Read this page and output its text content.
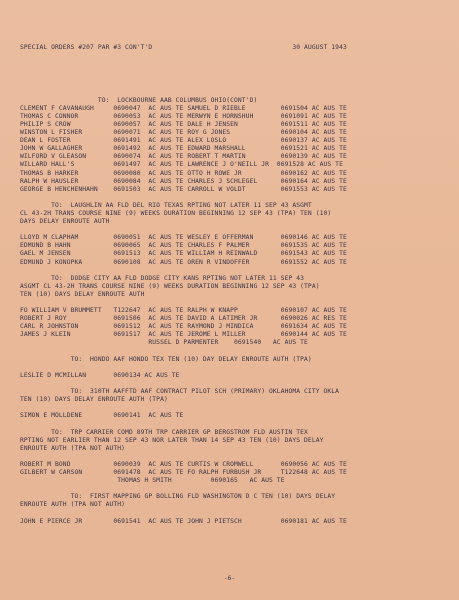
SPECIAL ORDERS #207 PAR #3 CON'T'D	30 AUGUST 1943

TO:  LOCKBOURNE AAB COLUMBUS OHIO(CONT'D)
CLEMENT F CAVANAUGH     0690047  AC AUS TE SAMUEL D RIEBLE         0691504 AC AUS TE
THOMAS C CONNOR         0690053  AC AUS TE MERWYN E HORNSHUH       0691091 AC AUS TE
PHILIP S CROW           0690057  AC AUS TE DALE H JENSEN           0691511 AC AUS TE
WINSTON L FISHER        0690071  AC AUS TE ROY G JONES             0690104 AC AUS TE
DEAN L FOSTER           0691491  AC AUS TE ALEX LOSLO              0690137 AC AUS TE
JOHN W GALLAGHER        0691492  AC AUS TE EDWARD MARSHALL         0691521 AC AUS TE
WILFORD V GLEASON       0690074  AC AUS TE ROBERT T MARTIN         0690139 AC AUS TE
WILLARD HALL'S          0691497  AC AUS TE LAWRENCE J O'NEILL JR  0691528 AC AUS TE
THOMAS B HARKER         0690080  AC AUS TE OTTO H ROWE JR          0690162 AC AUS TE
RALPH W HAUSLER         0690084  AC AUS TE CHARLES J SCHLEGEL      0690164 AC AUS TE
GEORGE B HENCHENHAHN    0691503  AC AUS TE CARROLL W VOLDT         0691553 AC AUS TE
TO:  LAUGHLIN AA FLD DEL RIO TEXAS RPTING NOT LATER 11 SEP 43 ASGMT
CL 43-2H TRANS COURSE NINE (9) WEEKS DURATION BEGINNING 12 SEP 43 (TPA) TEN (10)
DAYS DELAY ENROUTE AUTH
LLOYD M CLAPHAM         0690051  AC AUS TE WESLEY E OFFERMAN       0690146 AC AUS TE
EDMUND B HAHN           0690065  AC AUS TE CHARLES F PALMER        0691535 AC AUS TE
GAEL M JENSEN           0691513  AC AUS TE WILLIAM H REINWALD      0691543 AC AUS TE
EDMUND J KONOPKA        0690108  AC AUS TE OREN R VINDOFFER        0691552 AC AUS TE
TO:  DODGE CITY AA FLD DODGE CITY KANS RPTING NOT LATER 11 SEP 43
ASGMT CL 43-2H TRANS COURSE NINE (9) WEEKS DURATION BEGINNING 12 SEP 43 (TPA)
TEN (10) DAYS DELAY ENROUTE AUTH
FO WILLIAM V BRUMMETT   T122647  AC AUS TE RALPH W KNAPP           0690107 AC AUS TE
ROBERT J ROY            0691506  AC AUS TE DAVID A LATIMER JR      0690026 AC RES TE
CARL R JOHNSTON         0691512  AC AUS TE RAYMOND J MINDICA       0691634 AC AUS TE
JAMES J KLEIN           0691517  AC AUS TE JEROME L MILLER         0690144 AC AUS TE
RUSSEL D PARMENTER    0691540   AC AUS TE
TO:  HONDO AAF HONDO TEX TEN (10) DAY DELAY ENROUTE AUTH (TPA)
LESLIE D MCMILLAN       0690134 AC AUS TE
TO:  310TH AAFFTD AAF CONTRACT PILOT SCH (PRIMARY) OKLAHOMA CITY OKLA
TEN (10) DAYS DELAY ENROUTE AUTH (TPA)
SIMON E MOLLDENE        0690141  AC AUS TE
TO:  TRP CARRIER COMD 89TH TRP CARRIER GP BERGSTROM FLD AUSTIN TEX
RPTING NOT EARLIER THAN 12 SEP 43 NOR LATER THAN 14 SEP 43 TEN (10) DAYS DELAY
ENROUTE AUTH (TPA NOT AUTH)
ROBERT M BOND           0690039  AC AUS TE CURTIS W CROMWELL       0690056 AC AUS TE
GILBERT W CARSON        0691478  AC AUS TE FO RALPH FURBUSH JR     T122648 AC AUS TE
THOMAS H SMITH          0690165   AC AUS TE
TO:  FIRST MAPPING GP BOLLING FLD WASHINGTON D C TEN (10) DAYS DELAY
ENROUTE AUTH (TPA NOT AUTH)
JOHN E PIERCE JR        0691541  AC AUS TE JOHN J PIETSCH          0690181 AC AUS TE

-6-
